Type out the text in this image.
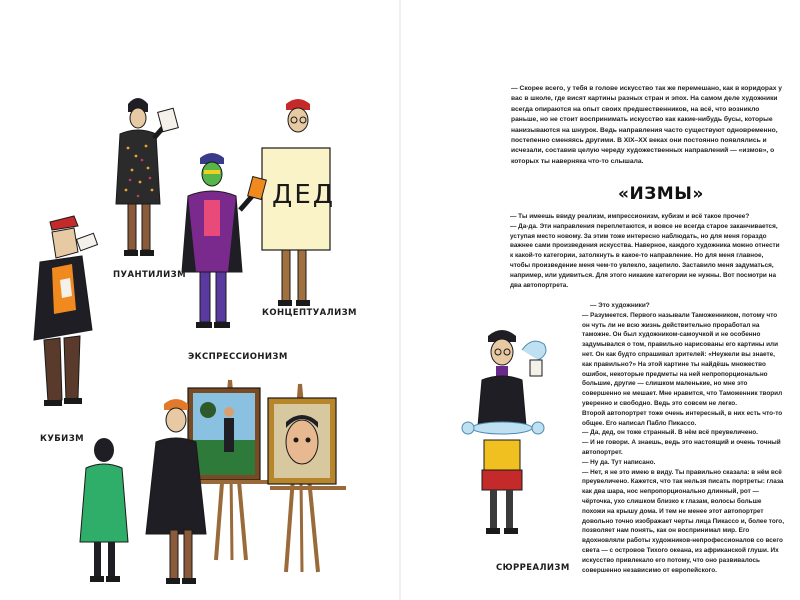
ДЕД
ПУАНТИЛИЗМ
КОНЦЕПТУАЛИЗМ
ЭКСПРЕССИОНИЗМ
КУБИЗМ

— Скорее всего, у тебя в голове искусство так же перемешано, как в коридорах у вас в школе, где висят картины разных стран и эпох. На самом деле художники всегда опираются на опыт своих предшественников, на всё, что возникло раньше, но не стоит воспринимать искусство как какие-нибудь бусы, которые нанизываются на шнурок. Ведь направления часто существуют одновременно, постепенно сменяясь другими. В XIX–XX веках они постоянно появлялись и исчезали, составив целую череду художественных направлений — «измов», о которых ты наверняка что-то слышала.

«ИЗМЫ»

— Ты имеешь ввиду реализм, импрессионизм, кубизм и всё такое прочее?

— Да-да. Эти направления переплетаются, и вовсе не всегда старое заканчивается, уступая место новому. За этим тоже интересно наблюдать, но для меня гораздо важнее сами произведения искусства. Наверное, каждого художника можно отнести к какой-то категории, затолкнуть в какое-то направление. Но для меня главное, чтобы произведение меня чем-то увлекло, зацепило. Заставило меня задуматься, например, или удивиться. Для этого никакие категории не нужны. Вот посмотри на два автопортрета.

— Это художники?

— Разумеется. Первого называли Таможенником, потому что он чуть ли не всю жизнь действительно проработал на таможне. Он был художником-самоучкой и не особенно задумывался о том, правильно нарисованы его картины или нет. Он как будто спрашивал зрителей: «Неужели вы знаете, как правильно?» На этой картине ты найдёшь множество ошибок, некоторые предметы на ней непропорционально большие, другие — слишком маленькие, но мне это совершенно не мешает. Мне нравится, что Таможенник творил уверенно и свободно. Ведь это совсем не легко.

Второй автопортрет тоже очень интересный, в них есть что-то общее. Его написал Пабло Пикассо.

— Да, дед, он тоже странный. В нём всё преувеличено.

— И не говори. А знаешь, ведь это настоящий и очень точный автопортрет.

— Ну да. Тут написано.

— Нет, я не это имею в виду. Ты правильно сказала: в нём всё преувеличено. Кажется, что так нельзя писать портреты: глаза как два шара, нос непропорционально длинный, рот — чёрточка, ухо слишком близко к глазам, волосы больше похожи на крышу дома. И тем не менее этот автопортрет довольно точно изображает черты лица Пикассо и, более того, позволяет нам понять, как он воспринимал мир. Его вдохновляли работы художников-непрофессионалов со всего света — с островов Тихого океана, из африканской глуши. Их искусство привлекало его потому, что оно развивалось совершенно независимо от европейского.

СЮРРЕАЛИЗМ
